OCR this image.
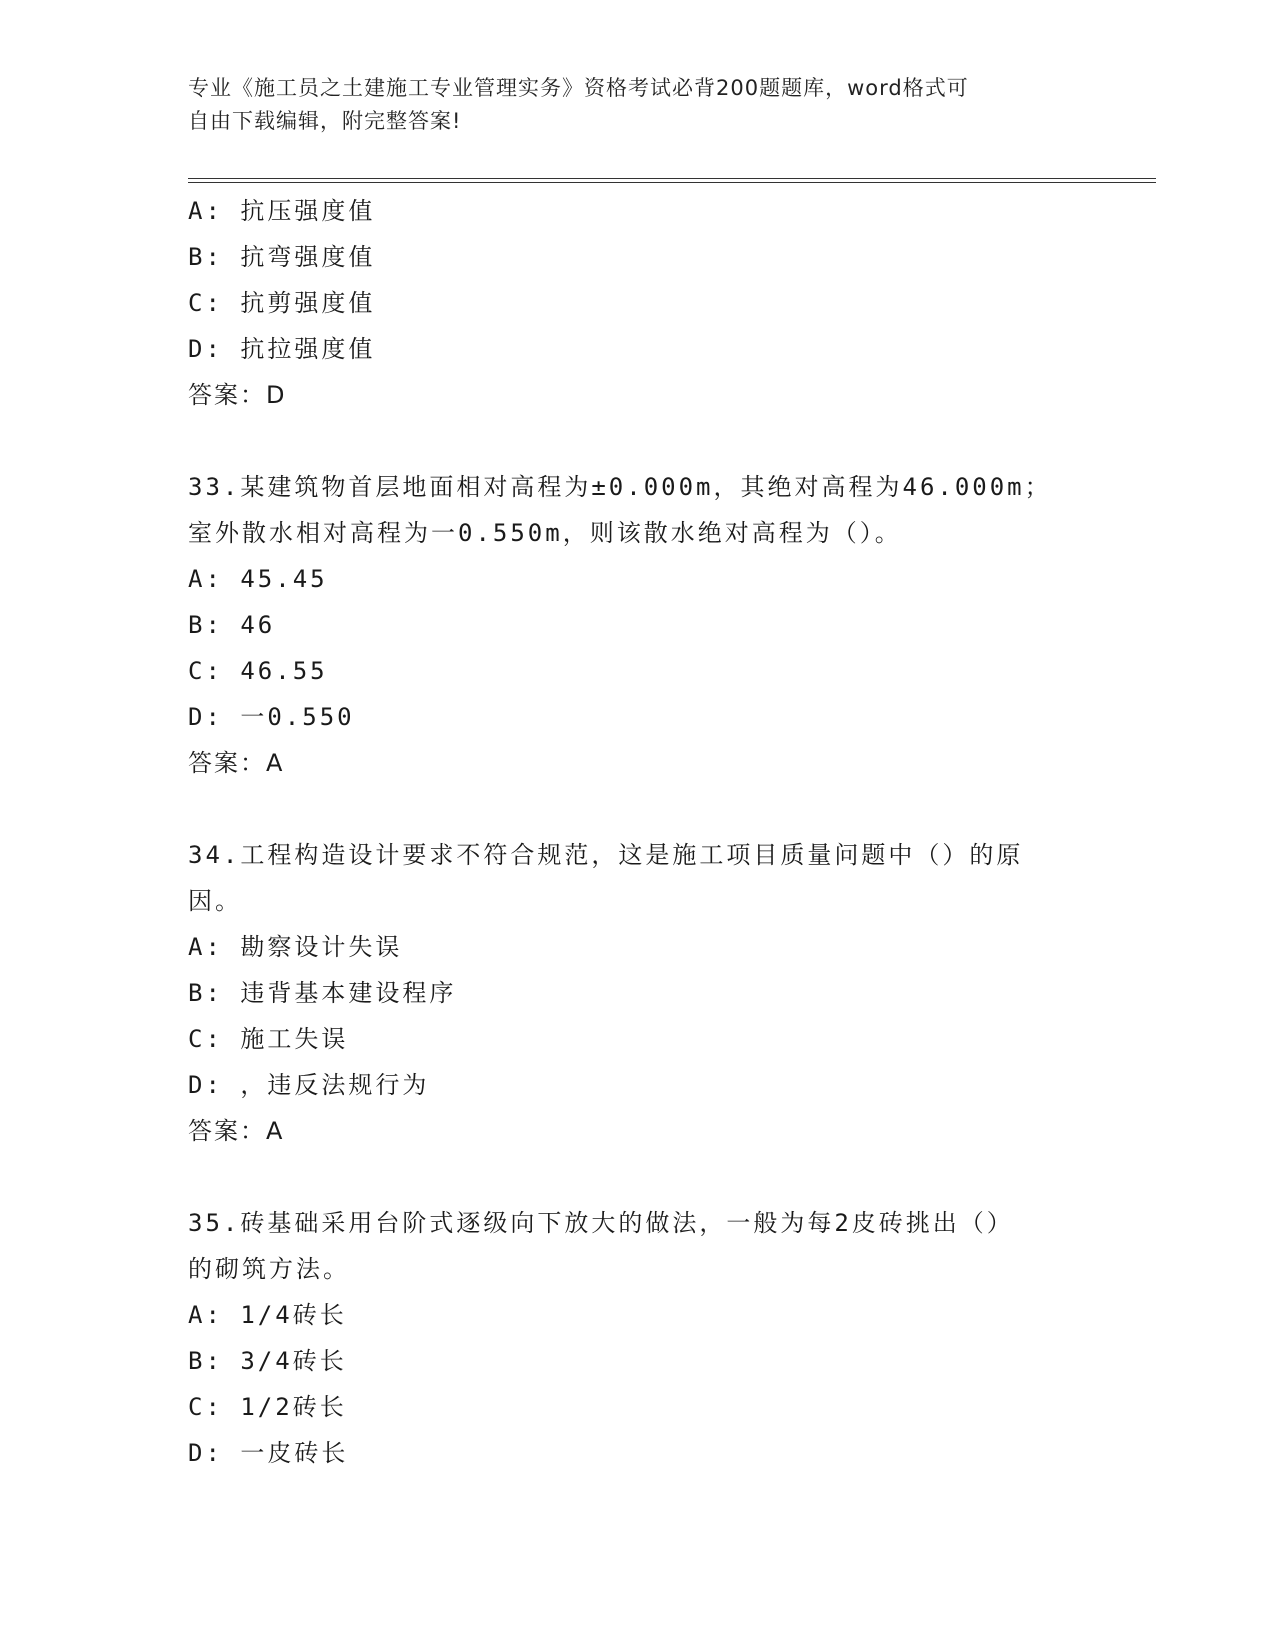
专业《施工员之土建施工专业管理实务》资格考试必背200题题库，word格式可
自由下载编辑，附完整答案!
A: 抗压强度值
B: 抗弯强度值
C: 抗剪强度值
D: 抗拉强度值
答案：D
33.某建筑物首层地面相对高程为±0.000m，其绝对高程为46.000m；
室外散水相对高程为一0.550m，则该散水绝对高程为（）。
A: 45.45
B: 46
C: 46.55
D: 一0.550
答案：A
34.工程构造设计要求不符合规范，这是施工项目质量问题中（）的原
因。
A: 勘察设计失误
B: 违背基本建设程序
C: 施工失误
D: ，违反法规行为
答案：A
35.砖基础采用台阶式逐级向下放大的做法，一般为每2皮砖挑出（）
的砌筑方法。
A: 1/4砖长
B: 3/4砖长
C: 1/2砖长
D: 一皮砖长
